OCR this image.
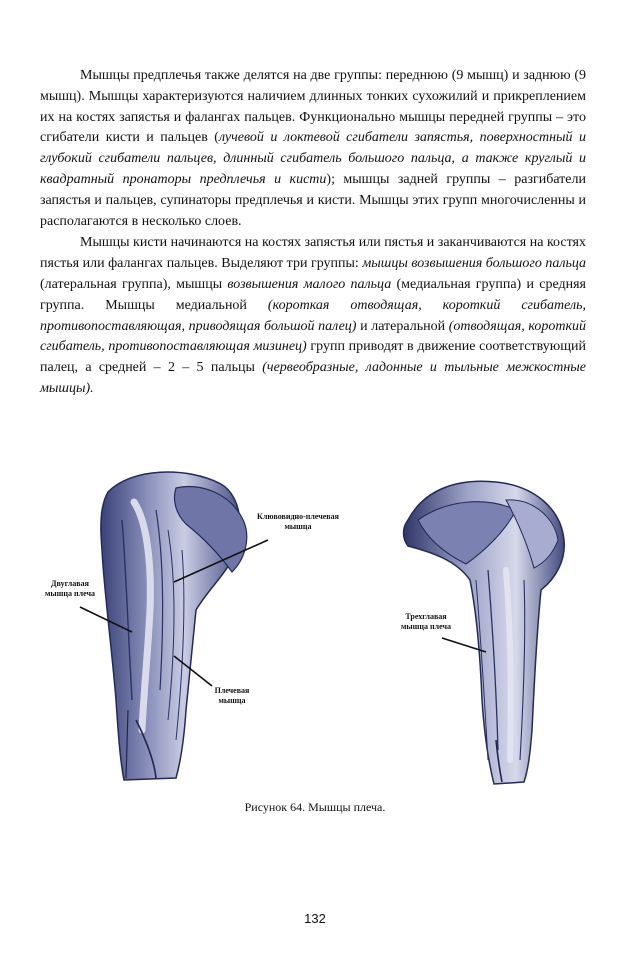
Мышцы предплечья также делятся на две группы: переднюю (9 мышц) и заднюю (9 мышц). Мышцы характеризуются наличием длинных тонких сухожилий и прикреплением их на костях запястья и фалангах пальцев. Функционально мышцы передней группы – это сгибатели кисти и пальцев (лучевой и локтевой сгибатели запястья, поверхностный и глубокий сгибатели пальцев, длинный сгибатель большого пальца, а также круглый и квадратный пронаторы предплечья и кисти); мышцы задней группы – разгибатели запястья и пальцев, супинаторы предплечья и кисти. Мышцы этих групп многочисленны и располагаются в несколько слоев.

Мышцы кисти начинаются на костях запястья или пястья и заканчиваются на костях пястья или фалангах пальцев. Выделяют три группы: мышцы возвышения большого пальца (латеральная группа), мышцы возвышения малого пальца (медиальная группа) и средняя группа. Мышцы медиальной (короткая отводящая, короткий сгибатель, противопоставляющая, приводящая большой палец) и латеральной (отводящая, короткий сгибатель, противопоставляющая мизинец) групп приводят в движение соответствующий палец, а средней – 2 – 5 пальцы (червеобразные, ладонные и тыльные межкостные мышцы).

Клювовидно-плечевая
мышца
Двуглавая
мышца плеча
Плечевая
мышца
Трехглавая
мышца плеча
Рисунок 64. Мышцы плеча.
132
